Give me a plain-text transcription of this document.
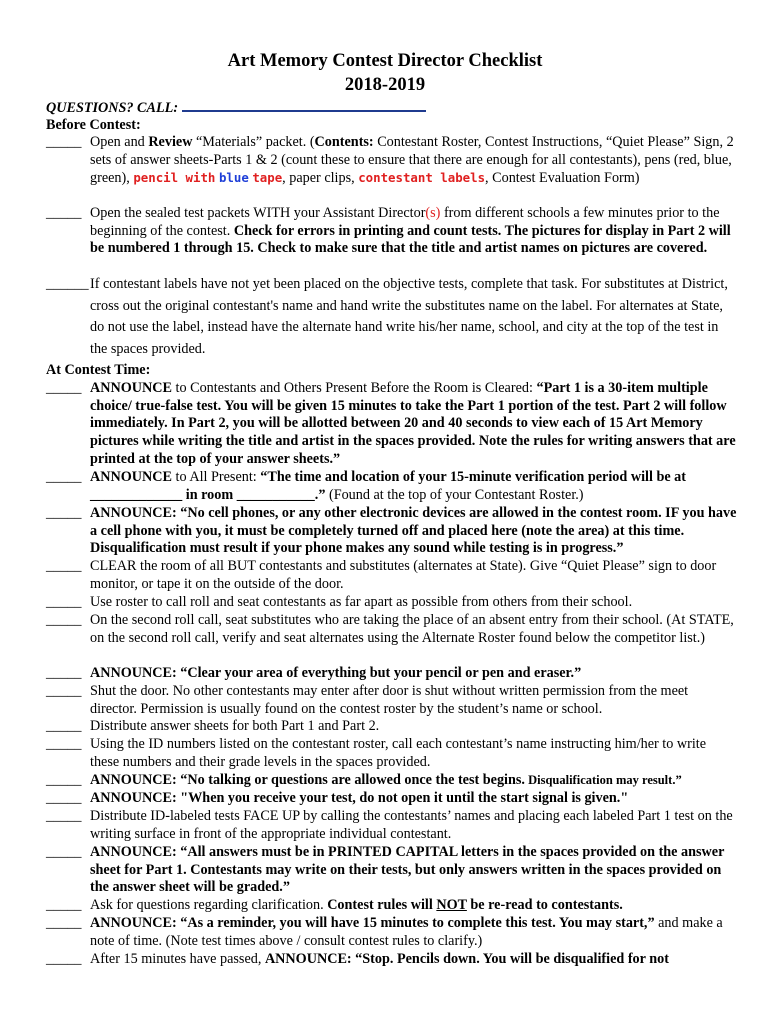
Art Memory Contest Director Checklist
2018-2019
QUESTIONS? CALL:
Before Contest:
_____ Open and Review “Materials” packet. (Contents: Contestant Roster, Contest Instructions, “Quiet Please” Sign, 2 sets of answer sheets-Parts 1 & 2 (count these to ensure that there are enough for all contestants), pens (red, blue, green), pencil with blue tape, paper clips, contestant labels, Contest Evaluation Form)
_____ Open the sealed test packets WITH your Assistant Director(s) from different schools a few minutes prior to the beginning of the contest. Check for errors in printing and count tests. The pictures for display in Part 2 will be numbered 1 through 15. Check to make sure that the title and artist names on pictures are covered.
______ If contestant labels have not yet been placed on the objective tests, complete that task. For substitutes at District, cross out the original contestant's name and hand write the substitutes name on the label. For alternates at State, do not use the label, instead have the alternate hand write his/her name, school, and city at the top of the test in the spaces provided.
At Contest Time:
_____ ANNOUNCE to Contestants and Others Present Before the Room is Cleared: “Part 1 is a 30-item multiple choice/ true-false test. You will be given 15 minutes to take the Part 1 portion of the test. Part 2 will follow immediately. In Part 2, you will be allotted between 20 and 40 seconds to view each of 15 Art Memory pictures while writing the title and artist in the spaces provided. Note the rules for writing answers that are printed at the top of your answer sheets.”
_____ ANNOUNCE to All Present: “The time and location of your 15-minute verification period will be at _____________ in room ___________.” (Found at the top of your Contestant Roster.)
_____ ANNOUNCE: “No cell phones, or any other electronic devices are allowed in the contest room. IF you have a cell phone with you, it must be completely turned off and placed here (note the area) at this time. Disqualification must result if your phone makes any sound while testing is in progress.”
_____ CLEAR the room of all BUT contestants and substitutes (alternates at State). Give “Quiet Please” sign to door monitor, or tape it on the outside of the door.
_____ Use roster to call roll and seat contestants as far apart as possible from others from their school.
_____ On the second roll call, seat substitutes who are taking the place of an absent entry from their school. (At STATE, on the second roll call, verify and seat alternates using the Alternate Roster found below the competitor list.)
_____ ANNOUNCE: “Clear your area of everything but your pencil or pen and eraser.”
_____ Shut the door. No other contestants may enter after door is shut without written permission from the meet director. Permission is usually found on the contest roster by the student’s name or school.
_____ Distribute answer sheets for both Part 1 and Part 2.
_____ Using the ID numbers listed on the contestant roster, call each contestant’s name instructing him/her to write these numbers and their grade levels in the spaces provided.
_____ ANNOUNCE: “No talking or questions are allowed once the test begins. Disqualification may result.”
_____ ANNOUNCE: "When you receive your test, do not open it until the start signal is given."
_____ Distribute ID-labeled tests FACE UP by calling the contestants’ names and placing each labeled Part 1 test on the writing surface in front of the appropriate individual contestant.
_____ ANNOUNCE: “All answers must be in PRINTED CAPITAL letters in the spaces provided on the answer sheet for Part 1. Contestants may write on their tests, but only answers written in the spaces provided on the answer sheet will be graded.”
_____ Ask for questions regarding clarification. Contest rules will NOT be re-read to contestants.
_____ ANNOUNCE: “As a reminder, you will have 15 minutes to complete this test. You may start,” and make a note of time. (Note test times above / consult contest rules to clarify.)
_____ After 15 minutes have passed, ANNOUNCE: “Stop. Pencils down. You will be disqualified for not
